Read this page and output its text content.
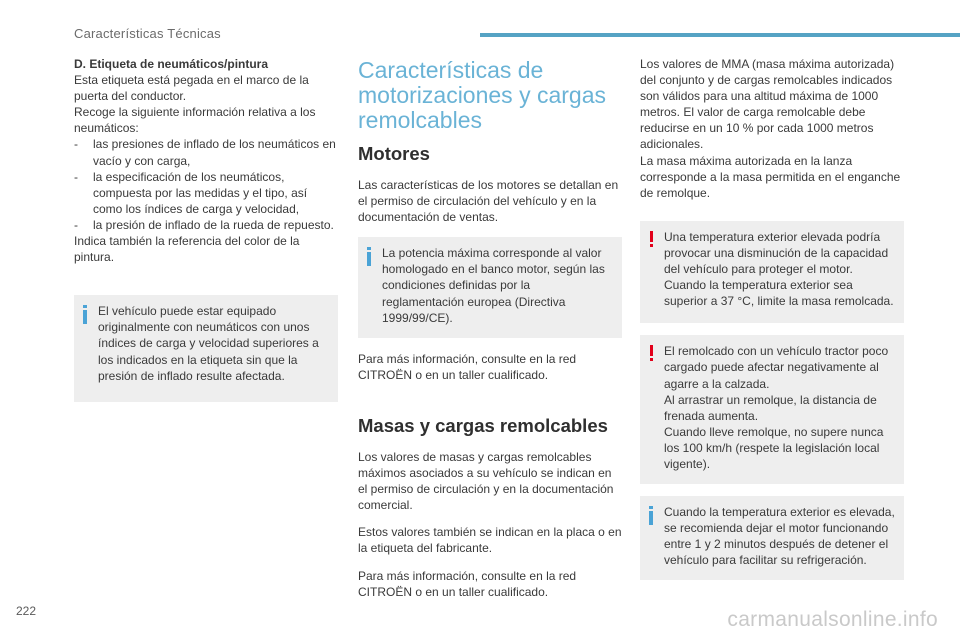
Características Técnicas

D. Etiqueta de neumáticos/pintura

Esta etiqueta está pegada en el marco de la puerta del conductor.

Recoge la siguiente información relativa a los neumáticos:

- las presiones de inflado de los neumáticos en vacío y con carga,
- la especificación de los neumáticos, compuesta por las medidas y el tipo, así como los índices de carga y velocidad,
- la presión de inflado de la rueda de repuesto.

Indica también la referencia del color de la pintura.

El vehículo puede estar equipado originalmente con neumáticos con unos índices de carga y velocidad superiores a los indicados en la etiqueta sin que la presión de inflado resulte afectada.

Características de motorizaciones y cargas remolcables
Motores

Las características de los motores se detallan en el permiso de circulación del vehículo y en la documentación de ventas.

La potencia máxima corresponde al valor homologado en el banco motor, según las condiciones definidas por la reglamentación europea (Directiva 1999/99/CE).

Para más información, consulte en la red CITROËN o en un taller cualificado.

Masas y cargas remolcables

Los valores de masas y cargas remolcables máximos asociados a su vehículo se indican en el permiso de circulación y en la documentación comercial.

Estos valores también se indican en la placa o en la etiqueta del fabricante.

Para más información, consulte en la red CITROËN o en un taller cualificado.

Los valores de MMA (masa máxima autorizada) del conjunto y de cargas remolcables indicados son válidos para una altitud máxima de 1000 metros. El valor de carga remolcable debe reducirse en un 10 % por cada 1000 metros adicionales.

La masa máxima autorizada en la lanza corresponde a la masa permitida en el enganche de remolque.

Una temperatura exterior elevada podría provocar una disminución de la capacidad del vehículo para proteger el motor. Cuando la temperatura exterior sea superior a 37 °C, limite la masa remolcada.

El remolcado con un vehículo tractor poco cargado puede afectar negativamente al agarre a la calzada.

Al arrastrar un remolque, la distancia de frenada aumenta.

Cuando lleve remolque, no supere nunca los 100 km/h (respete la legislación local vigente).

Cuando la temperatura exterior es elevada, se recomienda dejar el motor funcionando entre 1 y 2 minutos después de detener el vehículo para facilitar su refrigeración.

222	carmanualsonline.info
